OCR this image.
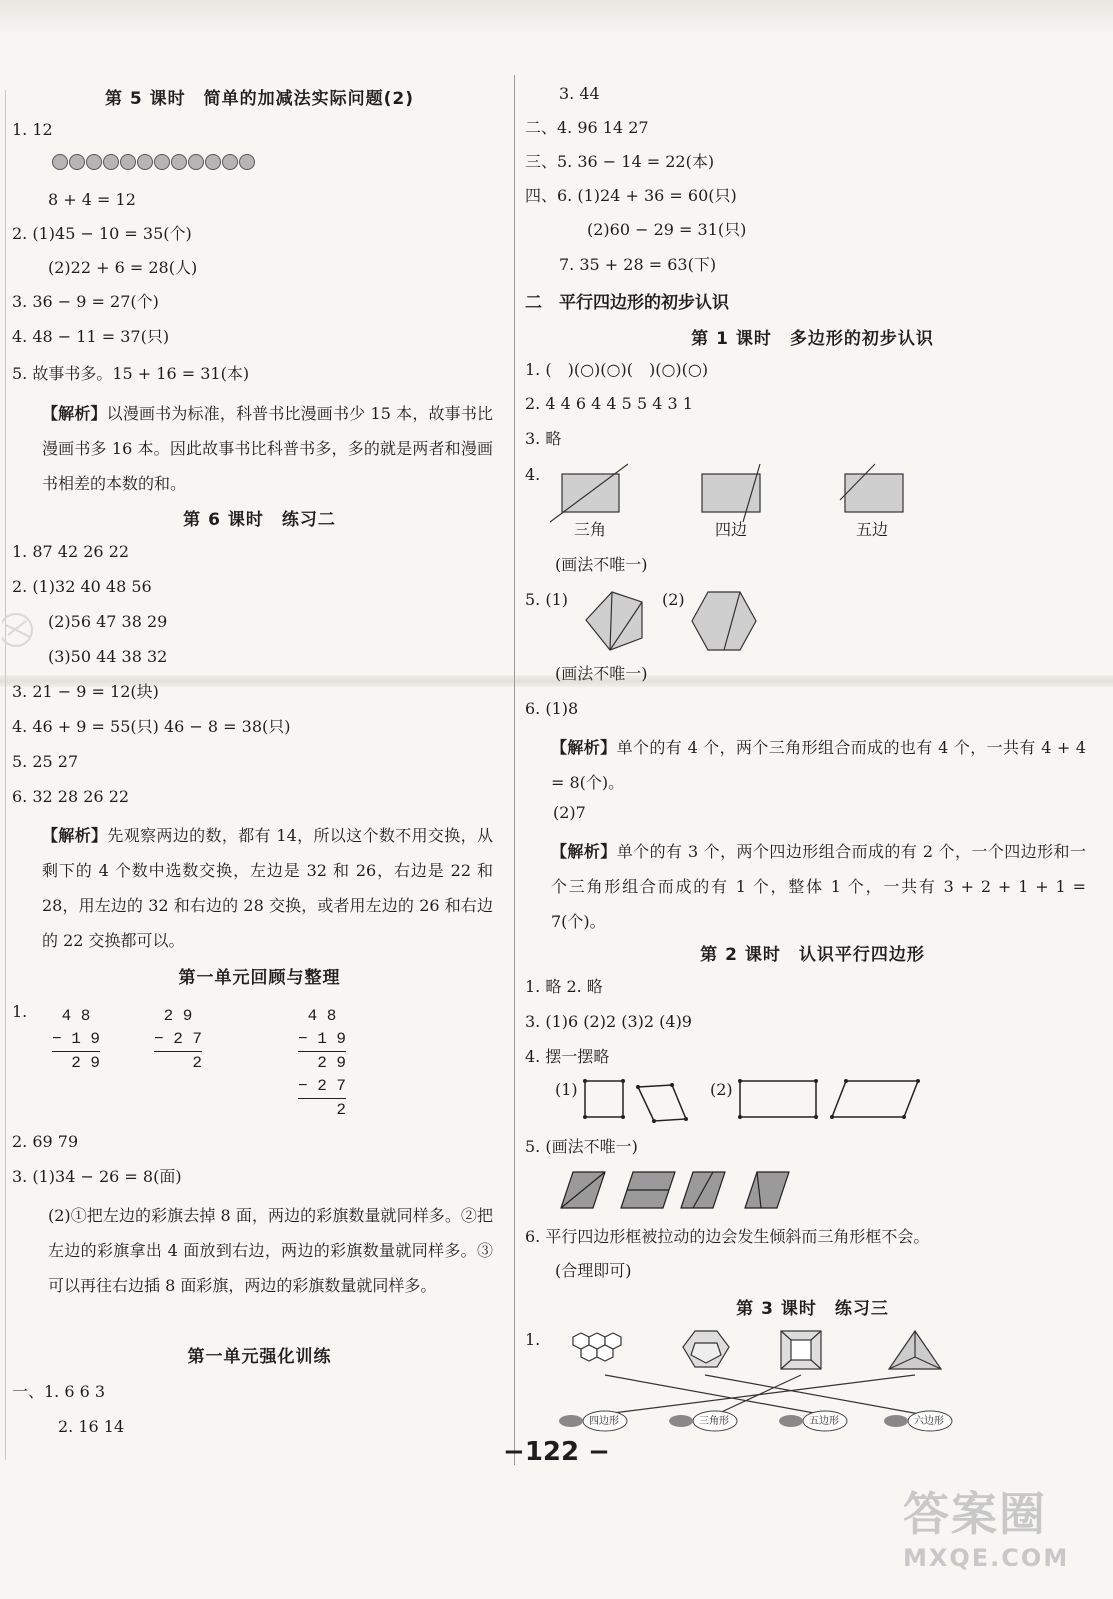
第 5 课时　简单的加减法实际问题(2)
1. 12
8 + 4 = 12
2. (1)45 − 10 = 35(个)
(2)22 + 6 = 28(人)
3. 36 − 9 = 27(个)
4. 48 − 11 = 37(只)
5. 故事书多。15 + 16 = 31(本)
【解析】以漫画书为标准，科普书比漫画书少 15 本，故事书比漫画书多 16 本。因此故事书比科普书多，多的就是两者和漫画书相差的本数的和。
第 6 课时　练习二
1. 87 42 26 22
2. (1)32 40 48 56
(2)56 47 38 29
(3)50 44 38 32
3. 21 − 9 = 12(块)
4. 46 + 9 = 55(只) 46 − 8 = 38(只)
5. 25 27
6. 32 28 26 22
【解析】先观察两边的数，都有 14，所以这个数不用交换，从剩下的 4 个数中选数交换，左边是 32 和 26，右边是 22 和 28，用左边的 32 和右边的 28 交换，或者用左边的 26 和右边的 22 交换都可以。
第一单元回顾与整理
1. 4 8
− 1 9
2 9
2 9
− 2 7
2
4 8
− 1 9
2 9
− 2 7
2
2. 69 79
3. (1)34 − 26 = 8(面)
(2)①把左边的彩旗去掉 8 面，两边的彩旗数量就同样多。②把左边的彩旗拿出 4 面放到右边，两边的彩旗数量就同样多。③可以再往右边插 8 面彩旗，两边的彩旗数量就同样多。
第一单元强化训练
一、1. 6 6 3
2. 16 14
3. 44
二、4. 96 14 27
三、5. 36 − 14 = 22(本)
四、6. (1)24 + 36 = 60(只)
(2)60 − 29 = 31(只)
7. 35 + 28 = 63(下)
二　平行四边形的初步认识
第 1 课时　多边形的初步认识
1. (　)(○)(○)(　)(○)(○)
2. 4 4 6 4 4 5 5 4 3 1
3. 略
4.
三角	四边	五边
(画法不唯一)
5. (1)	(2)
(画法不唯一)
6. (1)8
【解析】单个的有 4 个，两个三角形组合而成的也有 4 个，一共有 4 + 4 = 8(个)。
(2)7
【解析】单个的有 3 个，两个四边形组合而成的有 2 个，一个四边形和一个三角形组合而成的有 1 个，整体 1 个，一共有 3 + 2 + 1 + 1 = 7(个)。
第 2 课时　认识平行四边形
1. 略 2. 略
3. (1)6 (2)2 (3)2 (4)9
4. 摆一摆略
(1)	(2)
5. (画法不唯一)
6. 平行四边形框被拉动的边会发生倾斜而三角形框不会。
(合理即可)
第 3 课时　练习三
1.
四边形	三角形	五边形	六边形
−122 −
答案圈
MXQE.COM
